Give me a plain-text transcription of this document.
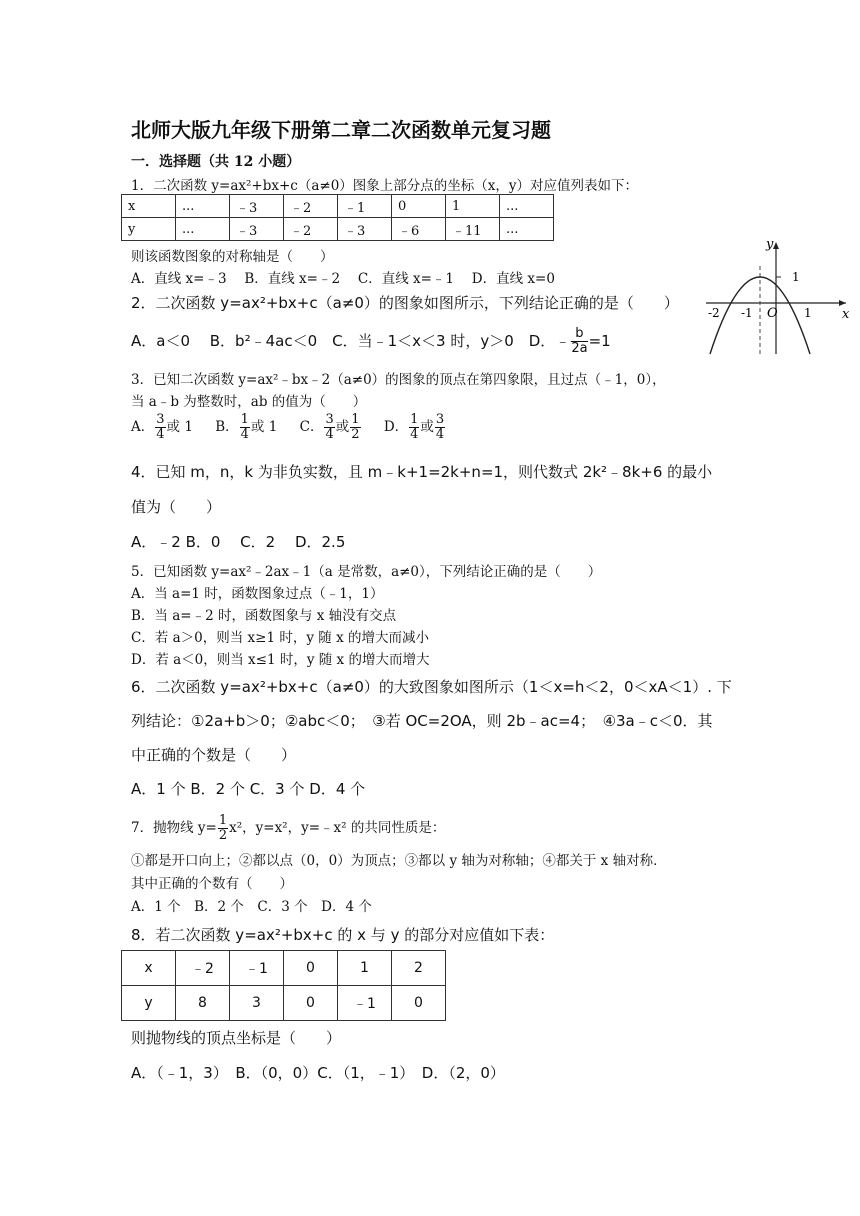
北师大版九年级下册第二章二次函数单元复习题
一．选择题（共 12 小题）
1．二次函数 y=ax²+bx+c（a≠0）图象上部分点的坐标（x，y）对应值列表如下：
x	...	﹣3	﹣2	﹣1	0	1	...
y	...	﹣3	﹣2	﹣3	﹣6	﹣11	...
则该函数图象的对称轴是（　　）
A．直线 x=﹣3　 B．直线 x=﹣2　 C．直线 x=﹣1　 D．直线 x=0
2．二次函数 y=ax²+bx+c（a≠0）的图象如图所示，下列结论正确的是（　　）
A．a＜0　 B．b²﹣4ac＜0　C．当﹣1＜x＜3 时，y＞0　D．﹣ $\frac{b}{2a} =1$
1
y
x
O
-2 -1	1
3．已知二次函数 y=ax²﹣bx﹣2（a≠0）的图象的顶点在第四象限，且过点（﹣1，0），
当 a﹣b 为整数时，ab 的值为（　　）
A． $\frac{3}{4}$ 或 1 B． $\frac{1}{4}$ 或 1 C． $\frac{3}{4}$ 或 $\frac{1}{2}$ D． $\frac{1}{4}$ 或 $\frac{3}{4}$
4．已知 m，n，k 为非负实数，且 m﹣k+1=2k+n=1，则代数式 2k²﹣8k+6 的最小
值为（　　）
A．﹣2 B．0　 C．2　 D．2.5
5．已知函数 y=ax²﹣2ax﹣1（a 是常数，a≠0），下列结论正确的是（　　）
A．当 a=1 时，函数图象过点（﹣1，1）
B．当 a=﹣2 时，函数图象与 x 轴没有交点
C．若 a＞0，则当 x≥1 时，y 随 x 的增大而减小
D．若 a＜0，则当 x≤1 时，y 随 x 的增大而增大
6．二次函数 y=ax²+bx+c（a≠0）的大致图象如图所示（1＜x=h＜2，0＜xA＜1）. 下
列结论：①2a+b＞0；②abc＜0；　③若 OC=2OA，则 2b﹣ac=4；　④3a﹣c＜0．其
中正确的个数是（　　）
A．1 个 B．2 个 C．3 个 D．4 个
7．抛物线 $y= \frac{1}{2} x^2$，y=x²，y=﹣x² 的共同性质是：
①都是开口向上；②都以点（0，0）为顶点；③都以 y 轴为对称轴；④都关于 x 轴对称．
其中正确的个数有（　　）
A．1 个　B．2 个　C．3 个　D．4 个
8．若二次函数 y=ax²+bx+c 的 x 与 y 的部分对应值如下表：
x	﹣2	﹣1	0	1	2
y	8	3	0	﹣1	0
则抛物线的顶点坐标是（　　）
A．（﹣1，3）　B．（0，0）C．（1，﹣1）　D．（2，0）
